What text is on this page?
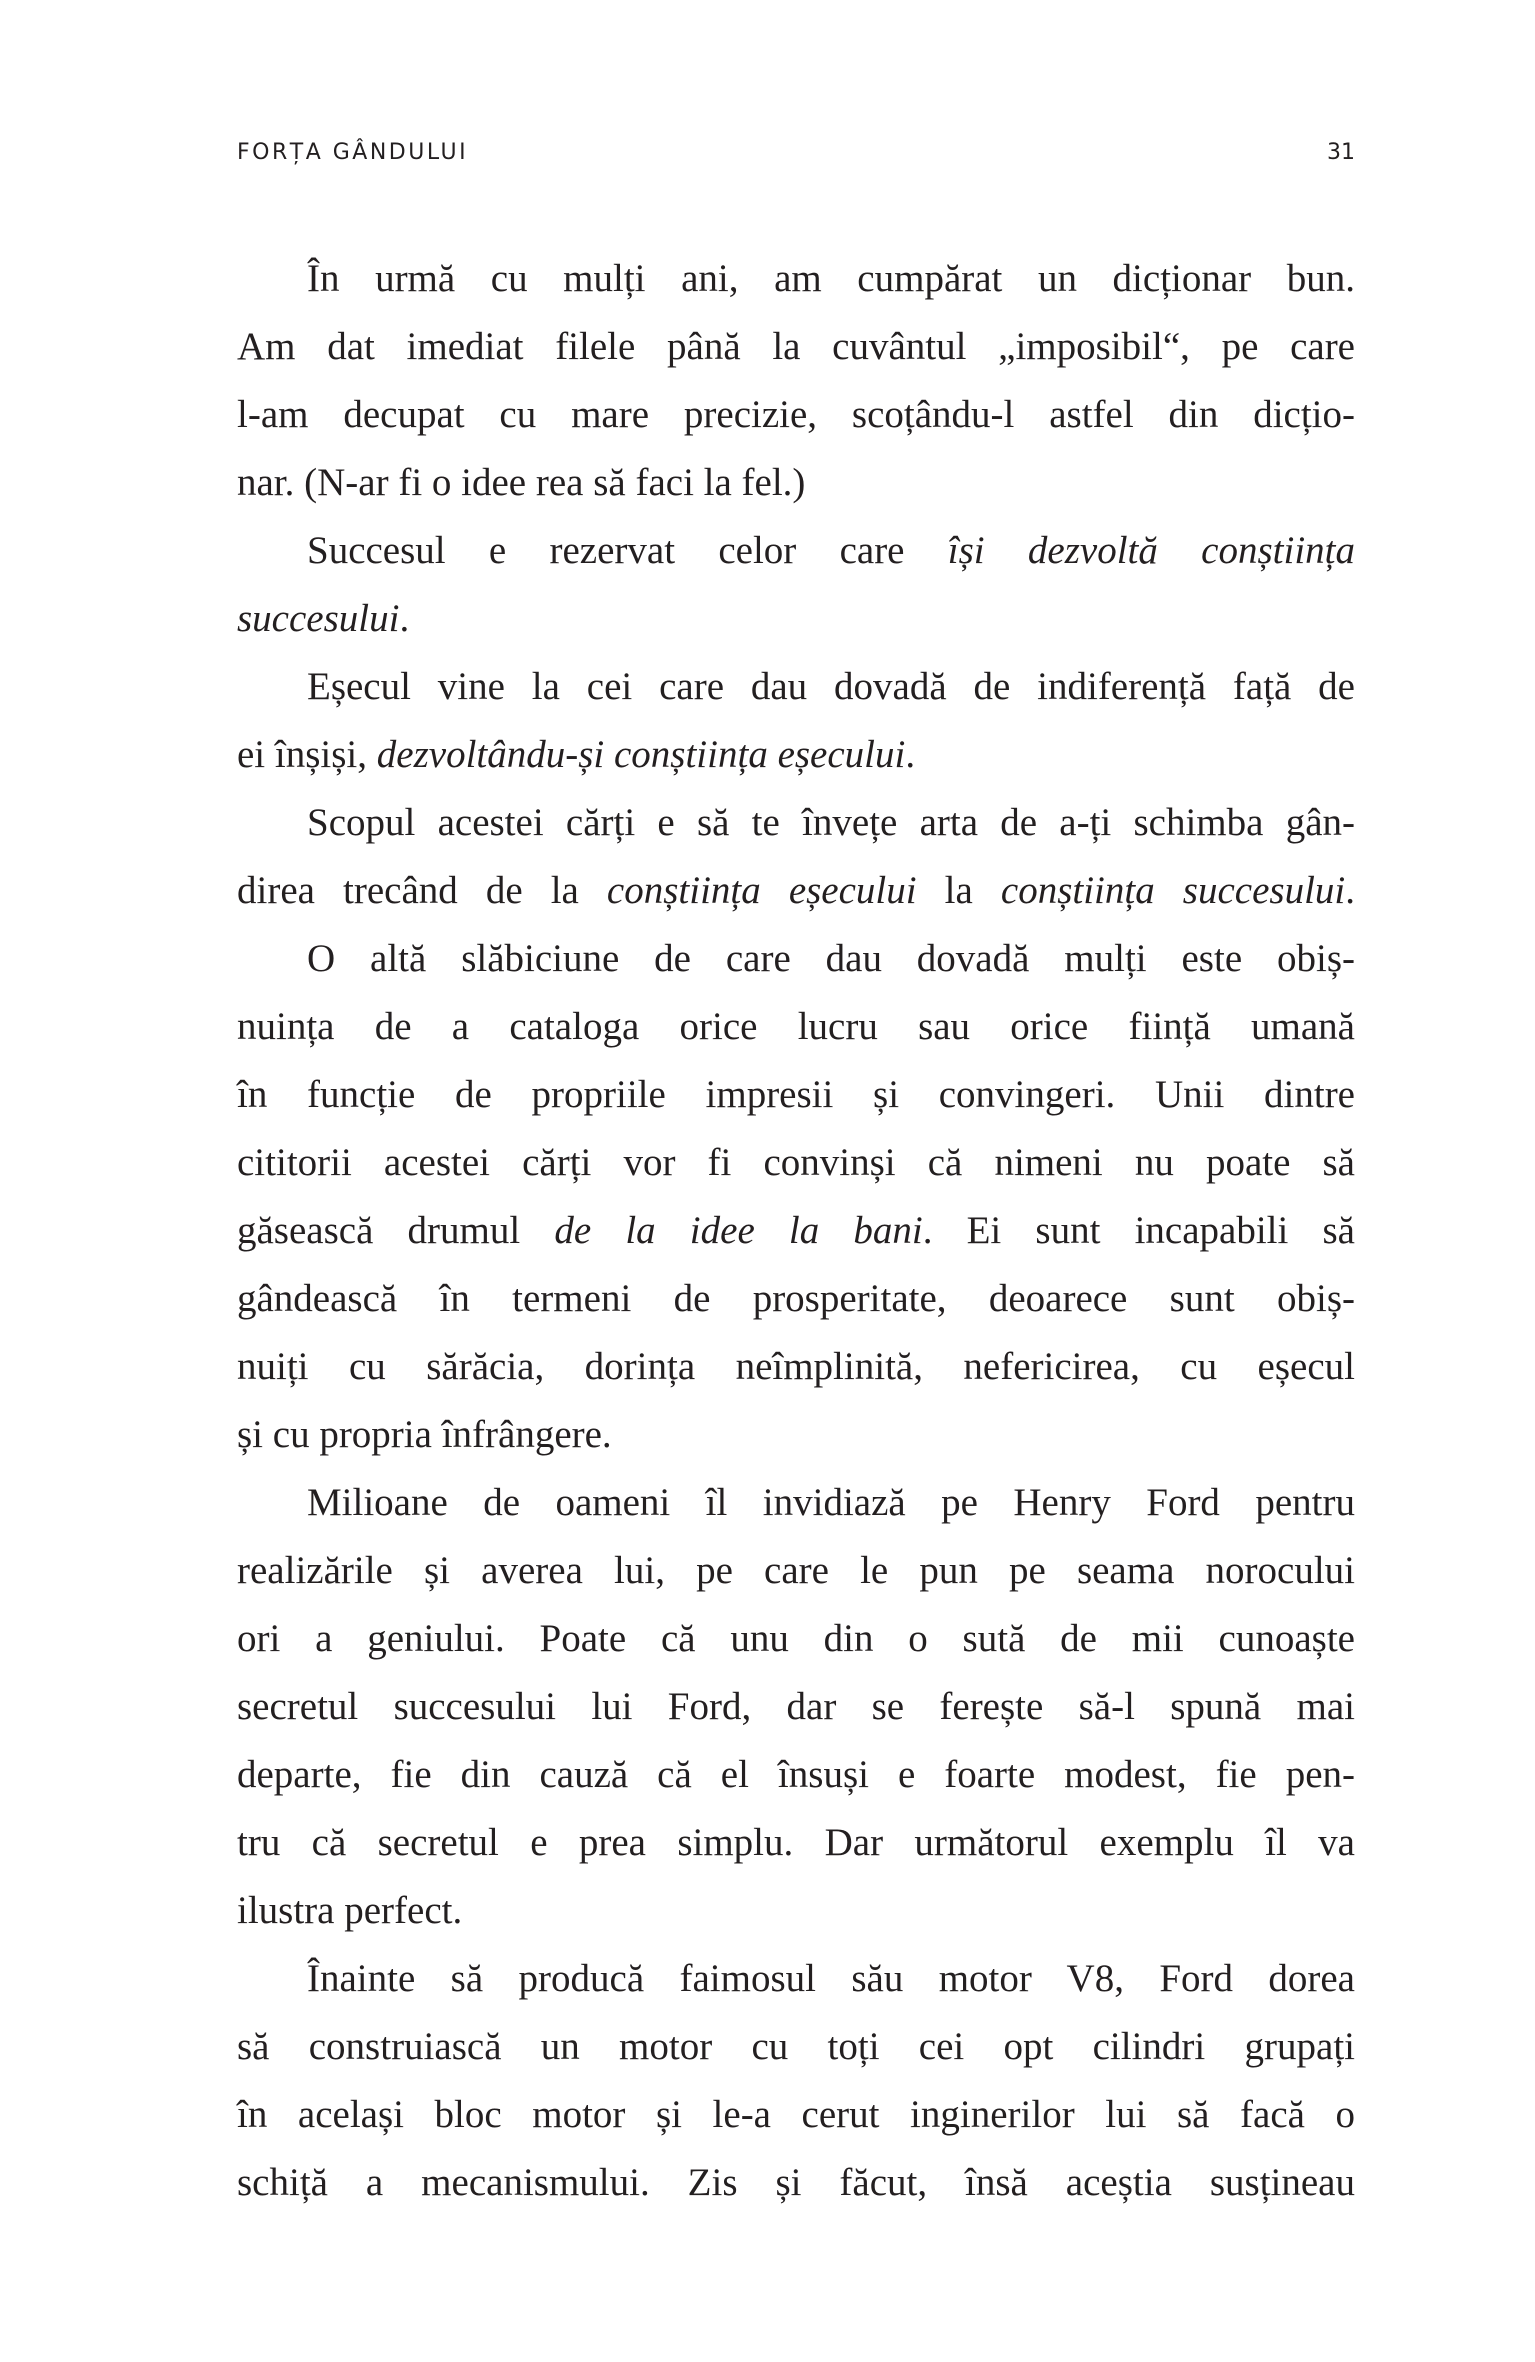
FORȚA GÂNDULUI	31
În urmă cu mulți ani, am cumpărat un dicționar bun.
Am dat imediat filele până la cuvântul „imposibil“, pe care
l-am decupat cu mare precizie, scoțându-l astfel din dicțio-
nar. (N-ar fi o idee rea să faci la fel.)
Succesul e rezervat celor care își dezvoltă conștiința
succesului.
Eșecul vine la cei care dau dovadă de indiferență față de
ei înșiși, dezvoltându-și conștiința eșecului.
Scopul acestei cărți e să te învețe arta de a-ți schimba gân-
direa trecând de la conștiința eșecului la conștiința succesului.
O altă slăbiciune de care dau dovadă mulți este obiș-
nuința de a cataloga orice lucru sau orice ființă umană
în funcție de propriile impresii și convingeri. Unii dintre
cititorii acestei cărți vor fi convinși că nimeni nu poate să
găsească drumul de la idee la bani. Ei sunt incapabili să
gândească în termeni de prosperitate, deoarece sunt obiș-
nuiți cu sărăcia, dorința neîmplinită, nefericirea, cu eșecul
și cu propria înfrângere.
Milioane de oameni îl invidiază pe Henry Ford pentru
realizările și averea lui, pe care le pun pe seama norocului
ori a geniului. Poate că unu din o sută de mii cunoaște
secretul succesului lui Ford, dar se ferește să-l spună mai
departe, fie din cauză că el însuși e foarte modest, fie pen-
tru că secretul e prea simplu. Dar următorul exemplu îl va
ilustra perfect.
Înainte să producă faimosul său motor V8, Ford dorea
să construiască un motor cu toți cei opt cilindri grupați
în același bloc motor și le-a cerut inginerilor lui să facă o
schiță a mecanismului. Zis și făcut, însă aceștia susțineau
